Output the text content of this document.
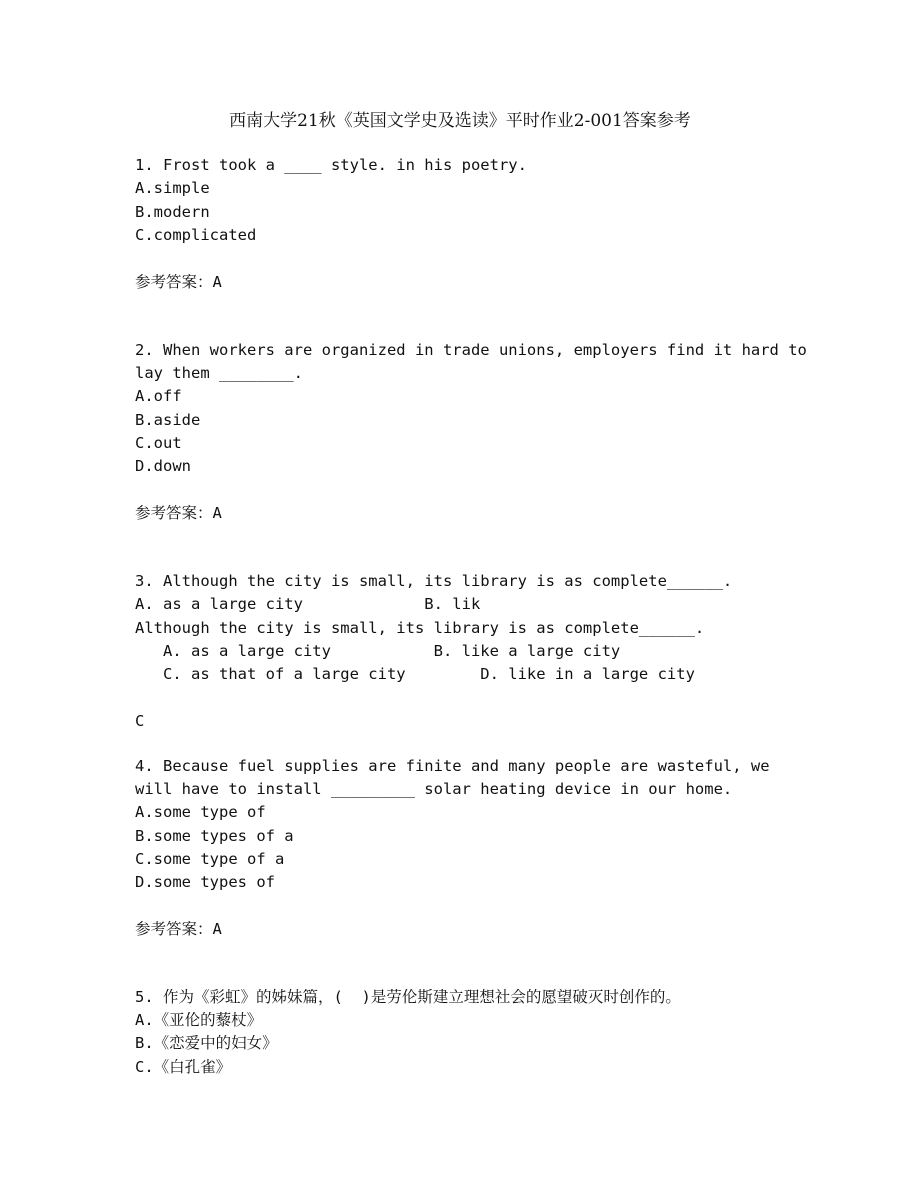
西南大学21秋《英国文学史及选读》平时作业2-001答案参考
1. Frost took a ____ style. in his poetry.
A.simple
B.modern
C.complicated
参考答案：A
2. When workers are organized in trade unions, employers find it hard to
lay them ________.
A.off
B.aside
C.out
D.down
参考答案：A
3. Although the city is small, its library is as complete______.
A. as a large city             B. lik
Although the city is small, its library is as complete______.
A. as a large city           B. like a large city
C. as that of a large city        D. like in a large city
C
4. Because fuel supplies are finite and many people are wasteful, we
will have to install _________ solar heating device in our home.
A.some type of
B.some types of a
C.some type of a
D.some types of
参考答案：A
5. 作为《彩虹》的姊妹篇，(  )是劳伦斯建立理想社会的愿望破灭时创作的。
A.《亚伦的藜杖》
B.《恋爱中的妇女》
C.《白孔雀》
